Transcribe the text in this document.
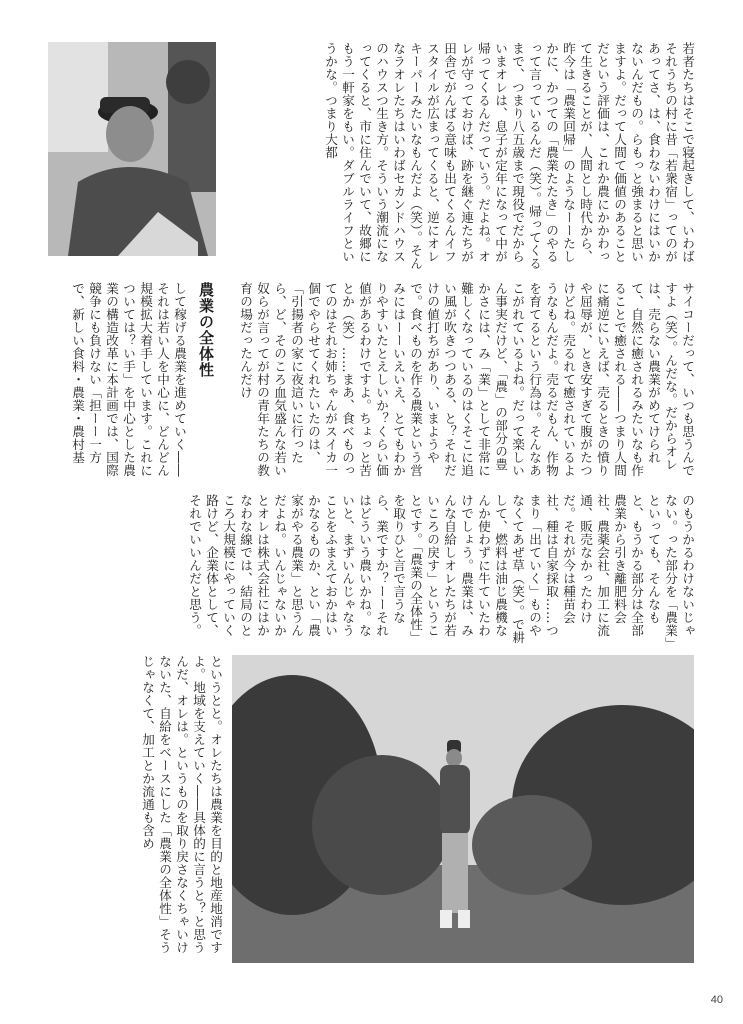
若者たちはそこで寝起きして、いわばそれうちの村に昔「若衆宿」ってのがあってさ、は、食わないわけにはいかないんだもの。らもっと強まると思いますよ。だって人間て価値のあることだという評価は、これか農にかかわって生きることが、人間とし時代から、昨今は「農業回帰」のようなーーたしかに、かつての「農業たたき」のやるって言っているんだ（笑）。帰ってくるまで、つまり八五歳まで現役でだからいまオレは、息子が定年になって中が帰ってくるんだっていう。だよね。オレが守っておけば、跡を継ぐ連たちが田舎でがんばる意味も出てくるんイフスタイルが広まってくると、逆にオレキーパーみたいなもんだよ（笑）。そんなラオレたちはいわばセカンドハウスのハウスつ生き方。そういう潮流になってくると、市に住んでいて、故郷にもう一軒家をもい。ダブルライフというかな。つまり大都

サイコーだって、いつも思うんですよ（笑）。んだな。だからオレは、売らない農業がめてけられて、自然に癒されるみたいなも作ることで癒される――つまり人間に痛逆にいえば、売るときの憤りや屈辱が、とき安すぎて腹がたつけどね。売るれて癒されているようなもんだよ。売るだもん、作物を育てるという行為は。そんなあこがれているよね。だって楽しいん事実だけど、「農」の部分の豊かさには、み「業」として非常に難しくなっているのはくそこに追い風が吹きつつある、と？それだけの値打ちがあり、いまようやで。食べものを作る農業という営みにはーーいえいえ、とてもわかりやすいたとえしいか？くらい価値があるわけですよ。ちょっと苦とか（笑）……まあ、食べものってのはそれお姉ちゃんがスイカ一個でやらせてくれたいたのは、「引揚者の家に夜這いに行ったら、ど、そのころ血気盛んな若い奴らが言ってが村の青年たちの教育の場だったんだけ

農業の全体性

して稼げる農業を進めていく――それは若い人を中心に、どんどん規模拡大着手しています。これについては？い手」を中心とした農業の構造改革に本計画では、国際競争にも負けない「担ーー一方で、新しい食料・農業・農村基

のもうかるわけないじゃない。った部分を「農業」といっても、そんなもと、もうかる部分は全部農業から引き離肥料会社、農薬会社、加工に流通、販売なかったわけだ。それが今は種苗会社、種は自家採取……つまり「出ていく」ものやなくてあぜ草（笑）。で耕して、燃料は油じ農機なんか使わずに牛ていたわけでしょう。農業は、みんな自給しオレたちが若いころの戻す」ということです。「農業の全体性」を取りひと言で言うなら、業ですか？ーーそれはどういう農いかね。ないと、まずいんじゃなうことをふまえておかはいかなるものか、とい「農家がやる農業」と思うんだよね。いんじゃないかとオレは株式会社にはかなわな線では、結局のところ大規模にやっていく路けど、企業体として、それでいいんだと思う。

というとと。オレたちは農業を目的と地産地消ですよ。地域を支えていく――具体的に言うと？と思うんだ、オレは。というものを取り戻さなくちゃいけないた、自給をベースにした「農業の全体性」そうじゃなくて、加工とか流通も含め

40
